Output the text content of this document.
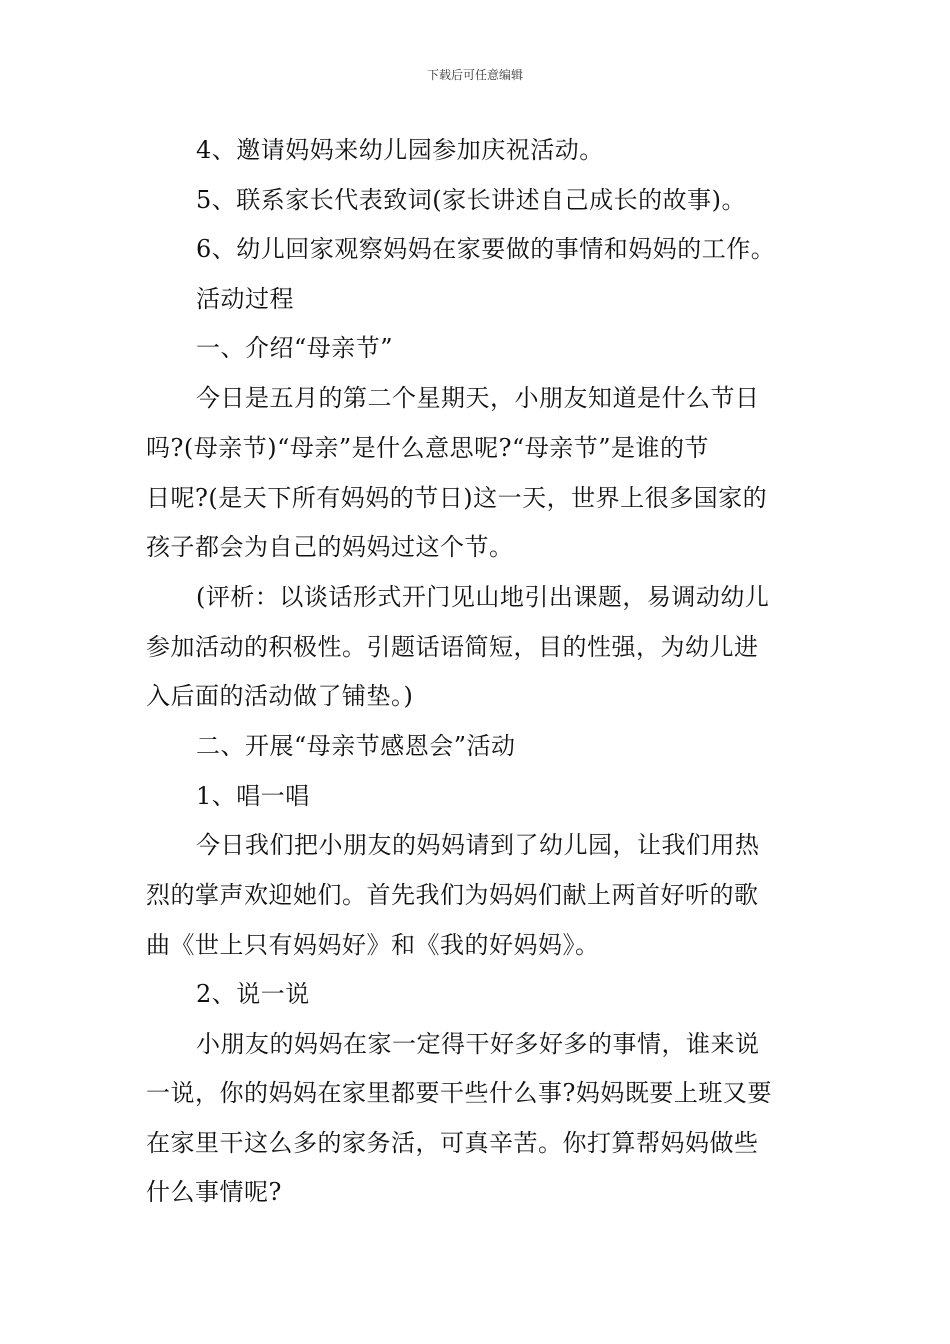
下载后可任意编辑

4、邀请妈妈来幼儿园参加庆祝活动。

5、联系家长代表致词(家长讲述自己成长的故事)。

6、幼儿回家观察妈妈在家要做的事情和妈妈的工作。

活动过程

一、介绍“母亲节”

今日是五月的第二个星期天，小朋友知道是什么节日

吗?(母亲节)“母亲”是什么意思呢?“母亲节”是谁的节

日呢?(是天下所有妈妈的节日)这一天，世界上很多国家的

孩子都会为自己的妈妈过这个节。

(评析：以谈话形式开门见山地引出课题，易调动幼儿

参加活动的积极性。引题话语简短，目的性强，为幼儿进

入后面的活动做了铺垫。)

二、开展“母亲节感恩会”活动

1、唱一唱

今日我们把小朋友的妈妈请到了幼儿园，让我们用热

烈的掌声欢迎她们。首先我们为妈妈们献上两首好听的歌

曲《世上只有妈妈好》和《我的好妈妈》。

2、说一说

小朋友的妈妈在家一定得干好多好多的事情，谁来说

一说，你的妈妈在家里都要干些什么事?妈妈既要上班又要

在家里干这么多的家务活，可真辛苦。你打算帮妈妈做些

什么事情呢?
